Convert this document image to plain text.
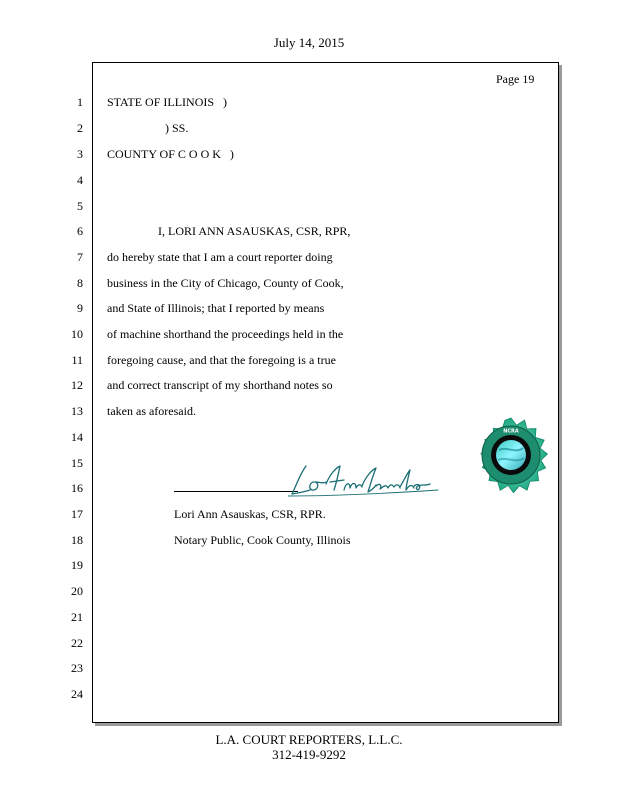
July 14, 2015
Page 19
1
2
3
4
5
6
7
8
9
10
11
12
13
14
15
16
17
18
19
20
21
22
23
24
STATE OF ILLINOIS   )
) SS.
COUNTY OF C O O K   )
I, LORI ANN ASAUSKAS, CSR, RPR,
do hereby state that I am a court reporter doing
business in the City of Chicago, County of Cook,
and State of Illinois; that I reported by means
of machine shorthand the proceedings held in the
foregoing cause, and that the foregoing is a true
and correct transcript of my shorthand notes so
taken as aforesaid.
Lori Ann Asauskas, CSR, RPR.
Notary Public, Cook County, Illinois
NCRA
L.A. COURT REPORTERS, L.L.C.
312-419-9292
